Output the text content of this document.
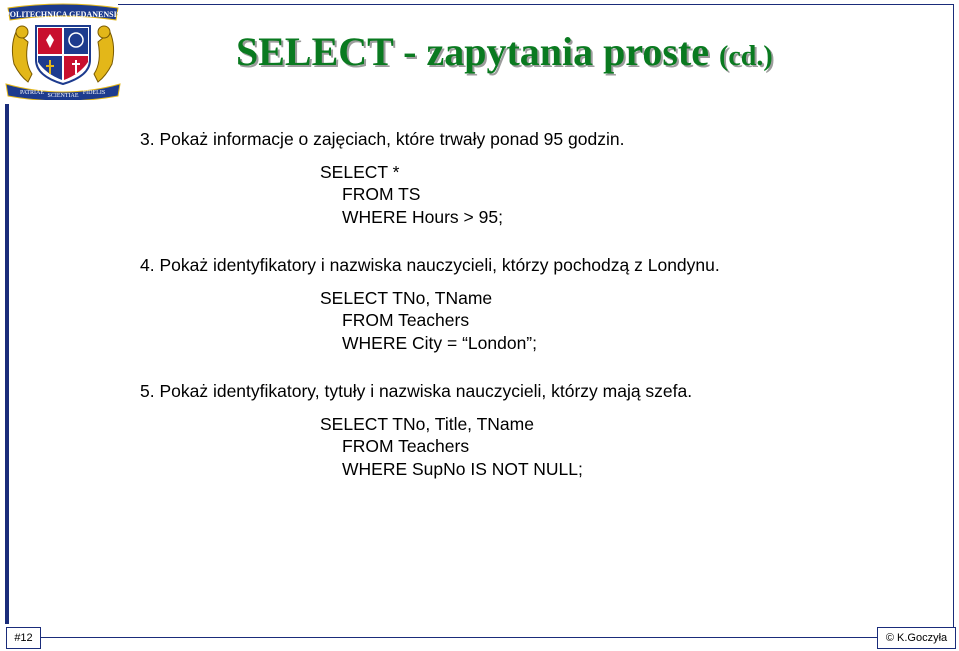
POLITECHNICA GEDANENSIS
PATRIAE SCIENTIAE FIDELIS
SELECT - zapytania proste (cd.)
3. Pokaż informacje o zajęciach, które trwały ponad 95 godzin.
SELECT *
FROM TS
WHERE Hours > 95;
4. Pokaż identyfikatory i nazwiska nauczycieli, którzy pochodzą z Londynu.
SELECT TNo, TName
FROM Teachers
WHERE City = “London”;
5. Pokaż identyfikatory, tytuły i nazwiska nauczycieli, którzy mają szefa.
SELECT TNo, Title, TName
FROM Teachers
WHERE SupNo IS NOT NULL;
#12	© K.Goczyła
